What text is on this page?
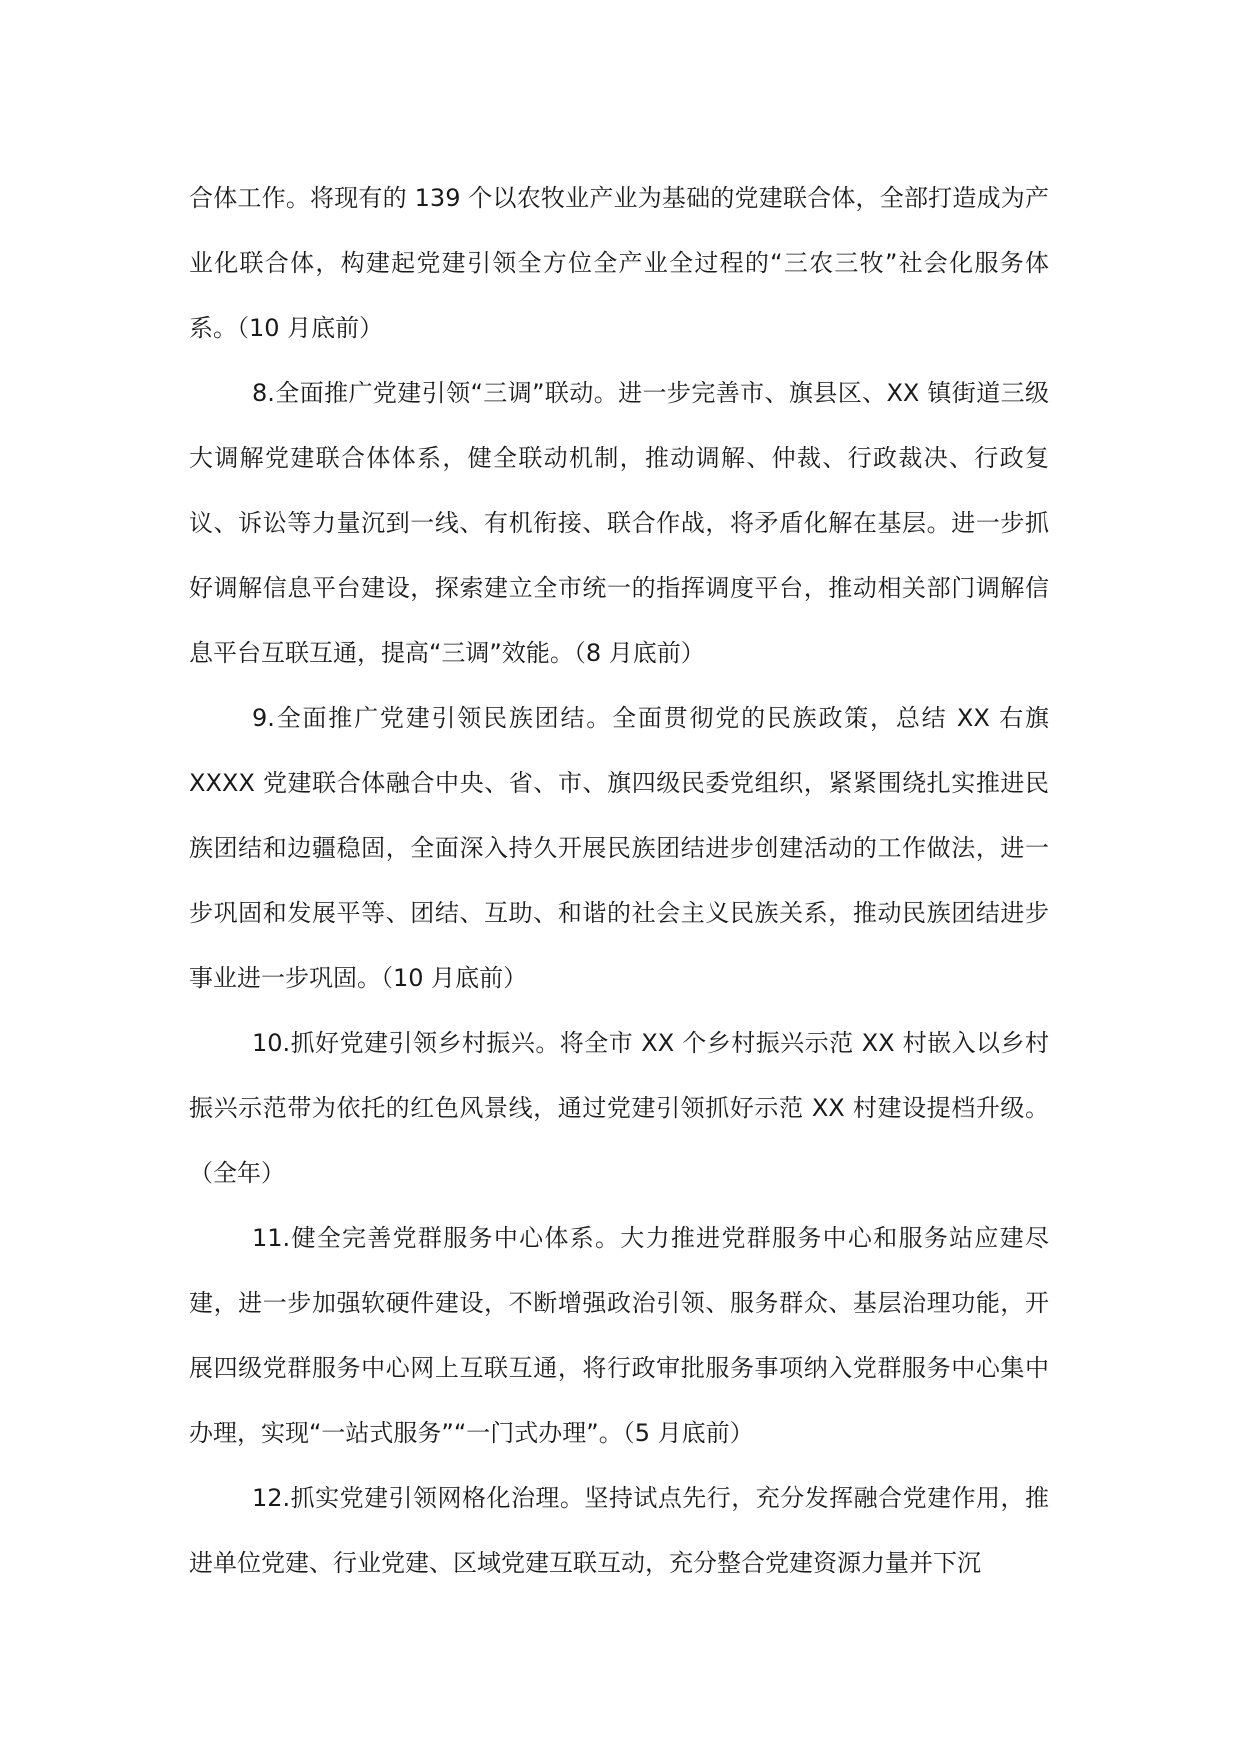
合体工作。将现有的 139 个以农牧业产业为基础的党建联合体，全部打造成为产业化联合体，构建起党建引领全方位全产业全过程的“三农三牧”社会化服务体系。（10 月底前）

8.全面推广党建引领“三调”联动。进一步完善市、旗县区、XX 镇街道三级大调解党建联合体体系，健全联动机制，推动调解、仲裁、行政裁决、行政复议、诉讼等力量沉到一线、有机衔接、联合作战，将矛盾化解在基层。进一步抓好调解信息平台建设，探索建立全市统一的指挥调度平台，推动相关部门调解信息平台互联互通，提高“三调”效能。（8 月底前）

9.全面推广党建引领民族团结。全面贯彻党的民族政策，总结 XX 右旗 XXXX 党建联合体融合中央、省、市、旗四级民委党组织，紧紧围绕扎实推进民族团结和边疆稳固，全面深入持久开展民族团结进步创建活动的工作做法，进一步巩固和发展平等、团结、互助、和谐的社会主义民族关系，推动民族团结进步事业进一步巩固。（10 月底前）

10.抓好党建引领乡村振兴。将全市 XX 个乡村振兴示范 XX 村嵌入以乡村振兴示范带为依托的红色风景线，通过党建引领抓好示范 XX 村建设提档升级。（全年）

11.健全完善党群服务中心体系。大力推进党群服务中心和服务站应建尽建，进一步加强软硬件建设，不断增强政治引领、服务群众、基层治理功能，开展四级党群服务中心网上互联互通，将行政审批服务事项纳入党群服务中心集中办理，实现“一站式服务”“一门式办理”。（5 月底前）

12.抓实党建引领网格化治理。坚持试点先行，充分发挥融合党建作用，推进单位党建、行业党建、区域党建互联互动，充分整合党建资源力量并下沉
